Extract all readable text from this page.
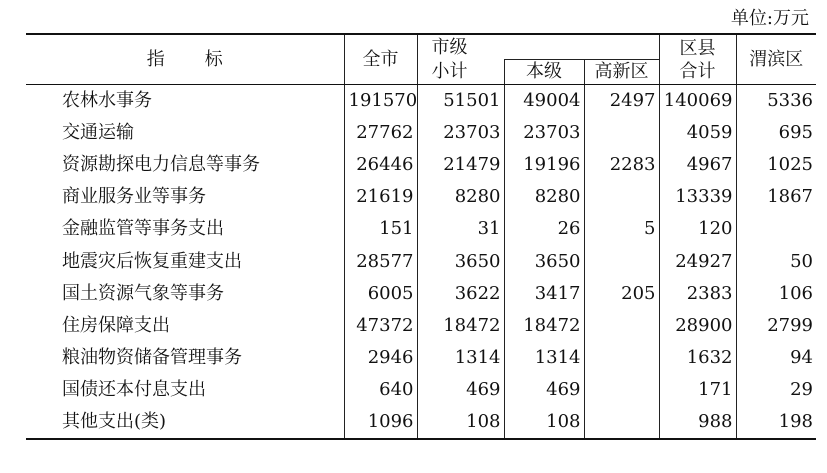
单位:万元
指 标	全市	市级			区县	渭滨区
		小计	本级	高新区	合计	
农林水事务	191570	51501	49004	2497	140069	5336
交通运输	27762	23703	23703		4059	695
资源勘探电力信息等事务	26446	21479	19196	2283	4967	1025
商业服务业等事务	21619	8280	8280		13339	1867
金融监管等事务支出	151	31	26	5	120	
地震灾后恢复重建支出	28577	3650	3650		24927	50
国土资源气象等事务	6005	3622	3417	205	2383	106
住房保障支出	47372	18472	18472		28900	2799
粮油物资储备管理事务	2946	1314	1314		1632	94
国债还本付息支出	640	469	469		171	29
其他支出(类)	1096	108	108		988	198
